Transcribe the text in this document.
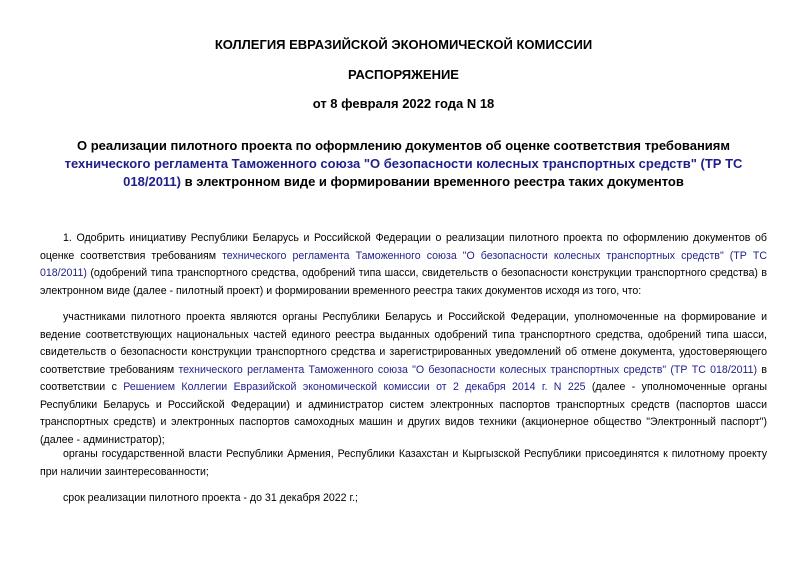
КОЛЛЕГИЯ ЕВРАЗИЙСКОЙ ЭКОНОМИЧЕСКОЙ КОМИССИИ

РАСПОРЯЖЕНИЕ

от 8 февраля 2022 года N 18

О реализации пилотного проекта по оформлению документов об оценке соответствия требованиям технического регламента Таможенного союза "О безопасности колесных транспортных средств" (ТР ТС 018/2011) в электронном виде и формировании временного реестра таких документов

1. Одобрить инициативу Республики Беларусь и Российской Федерации о реализации пилотного проекта по оформлению документов об оценке соответствия требованиям технического регламента Таможенного союза "О безопасности колесных транспортных средств" (ТР ТС 018/2011) (одобрений типа транспортного средства, одобрений типа шасси, свидетельств о безопасности конструкции транспортного средства) в электронном виде (далее - пилотный проект) и формировании временного реестра таких документов исходя из того, что:

участниками пилотного проекта являются органы Республики Беларусь и Российской Федерации, уполномоченные на формирование и ведение соответствующих национальных частей единого реестра выданных одобрений типа транспортного средства, одобрений типа шасси, свидетельств о безопасности конструкции транспортного средства и зарегистрированных уведомлений об отмене документа, удостоверяющего соответствие требованиям технического регламента Таможенного союза "О безопасности колесных транспортных средств" (ТР ТС 018/2011) в соответствии с Решением Коллегии Евразийской экономической комиссии от 2 декабря 2014 г. N 225 (далее - уполномоченные органы Республики Беларусь и Российской Федерации) и администратор систем электронных паспортов транспортных средств (паспортов шасси транспортных средств) и электронных паспортов самоходных машин и других видов техники (акционерное общество "Электронный паспорт") (далее - администратор);

органы государственной власти Республики Армения, Республики Казахстан и Кыргызской Республики присоединятся к пилотному проекту при наличии заинтересованности;

срок реализации пилотного проекта - до 31 декабря 2022 г.;
